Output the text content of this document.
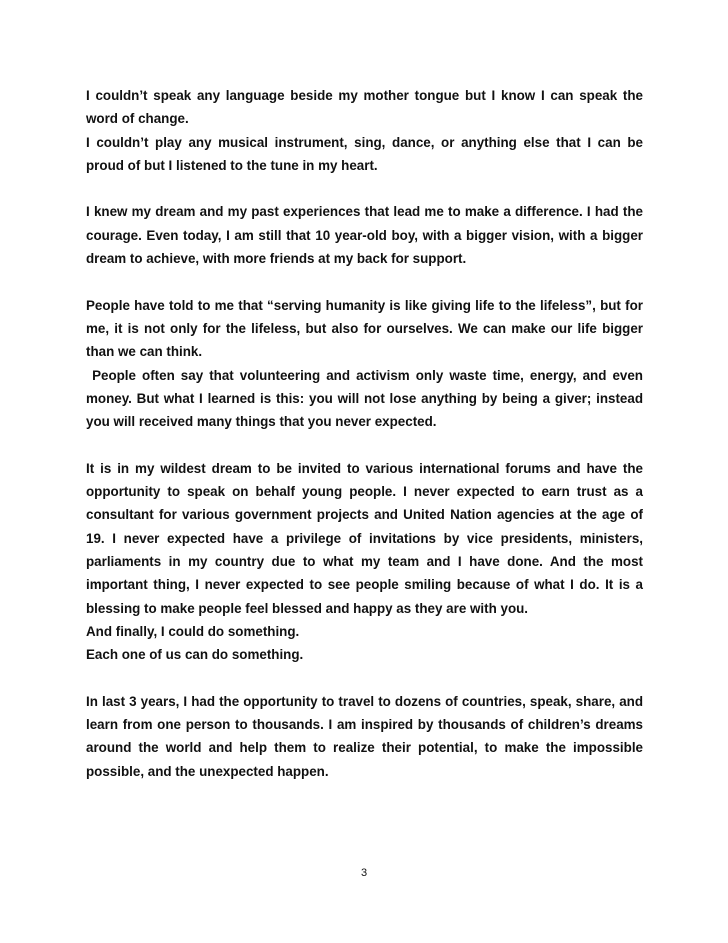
I couldn’t speak any language beside my mother tongue but I know I can speak the word of change.

I couldn’t play any musical instrument, sing, dance, or anything else that I can be proud of but I listened to the tune in my heart.

I knew my dream and my past experiences that lead me to make a difference. I had the courage. Even today, I am still that 10 year-old boy, with a bigger vision, with a bigger dream to achieve, with more friends at my back for support.

People have told to me that “serving humanity is like giving life to the lifeless”, but for me, it is not only for the lifeless, but also for ourselves. We can make our life bigger than we can think.

People often say that volunteering and activism only waste time, energy, and even money. But what I learned is this: you will not lose anything by being a giver; instead you will received many things that you never expected.

It is in my wildest dream to be invited to various international forums and have the opportunity to speak on behalf young people. I never expected to earn trust as a consultant for various government projects and United Nation agencies at the age of 19. I never expected have a privilege of invitations by vice presidents, ministers, parliaments in my country due to what my team and I have done. And the most important thing, I never expected to see people smiling because of what I do. It is a blessing to make people feel blessed and happy as they are with you.

And finally, I could do something.

Each one of us can do something.

In last 3 years, I had the opportunity to travel to dozens of countries, speak, share, and learn from one person to thousands. I am inspired by thousands of children’s dreams around the world and help them to realize their potential, to make the impossible possible, and the unexpected happen.

3
